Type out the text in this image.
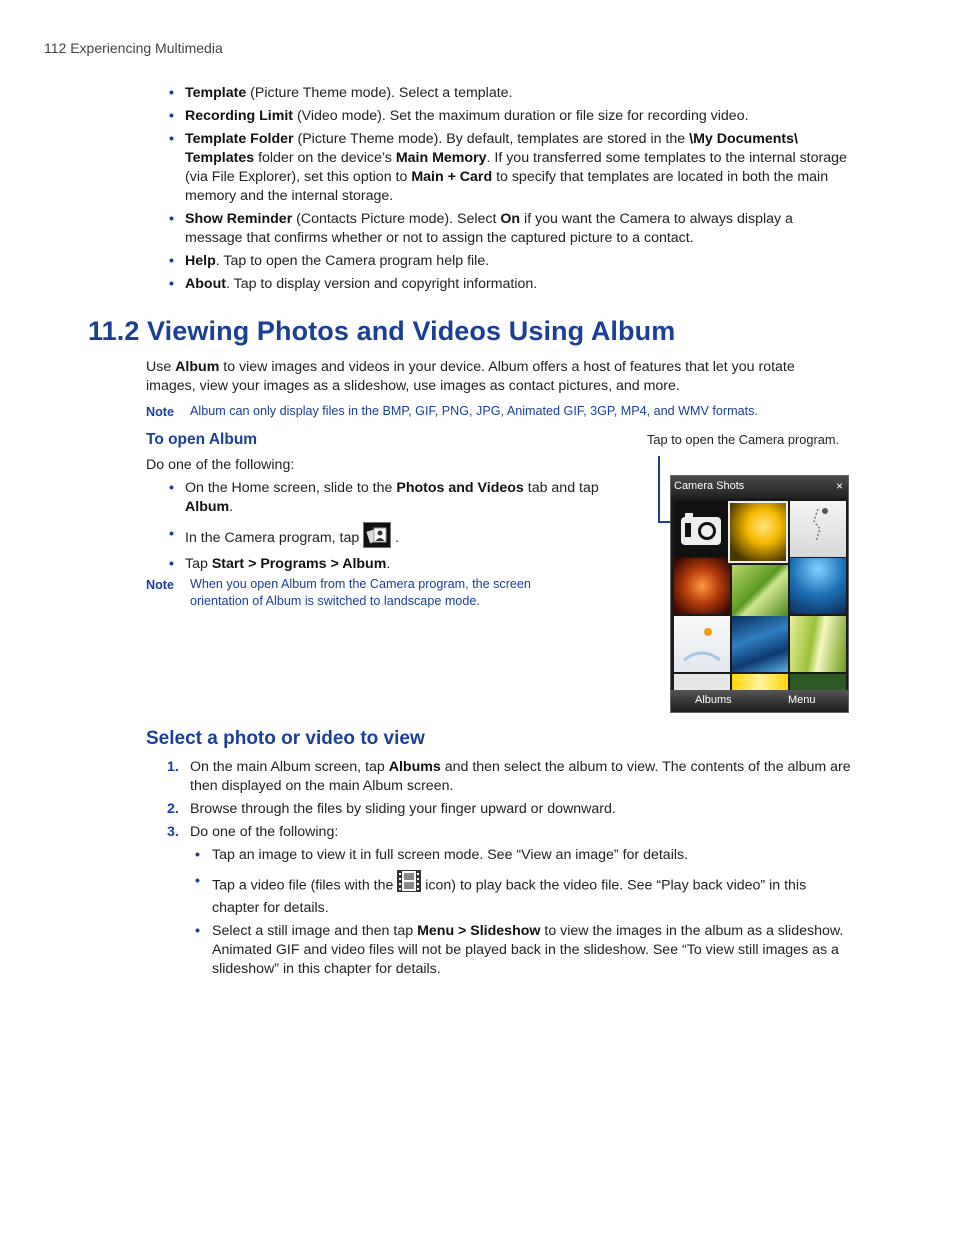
112 Experiencing Multimedia
• Template (Picture Theme mode). Select a template.
• Recording Limit (Video mode). Set the maximum duration or file size for recording video.
• Template Folder (Picture Theme mode). By default, templates are stored in the \My Documents\ Templates folder on the device’s Main Memory. If you transferred some templates to the internal storage (via File Explorer), set this option to Main + Card to specify that templates are located in both the main memory and the internal storage.
• Show Reminder (Contacts Picture mode). Select On if you want the Camera to always display a message that confirms whether or not to assign the captured picture to a contact.
• Help. Tap to open the Camera program help file.
• About. Tap to display version and copyright information.
11.2 Viewing Photos and Videos Using Album
Use Album to view images and videos in your device. Album offers a host of features that let you rotate images, view your images as a slideshow, use images as contact pictures, and more.
Note Album can only display files in the BMP, GIF, PNG, JPG, Animated GIF, 3GP, MP4, and WMV formats.
To open Album
Do one of the following:
• On the Home screen, slide to the Photos and Videos tab and tap Album.
• In the Camera program, tap  .
• Tap Start > Programs > Album.
Note When you open Album from the Camera program, the screen orientation of Album is switched to landscape mode.
Tap to open the Camera program.
Camera Shots	×
Albums	Menu
Select a photo or video to view
1. On the main Album screen, tap Albums and then select the album to view. The contents of the album are then displayed on the main Album screen.
2. Browse through the files by sliding your finger upward or downward.
3. Do one of the following:
• Tap an image to view it in full screen mode. See “View an image” for details.
• Tap a video file (files with the  icon) to play back the video file. See “Play back video” in this chapter for details.
• Select a still image and then tap Menu > Slideshow to view the images in the album as a slideshow. Animated GIF and video files will not be played back in the slideshow. See “To view still images as a slideshow” in this chapter for details.
